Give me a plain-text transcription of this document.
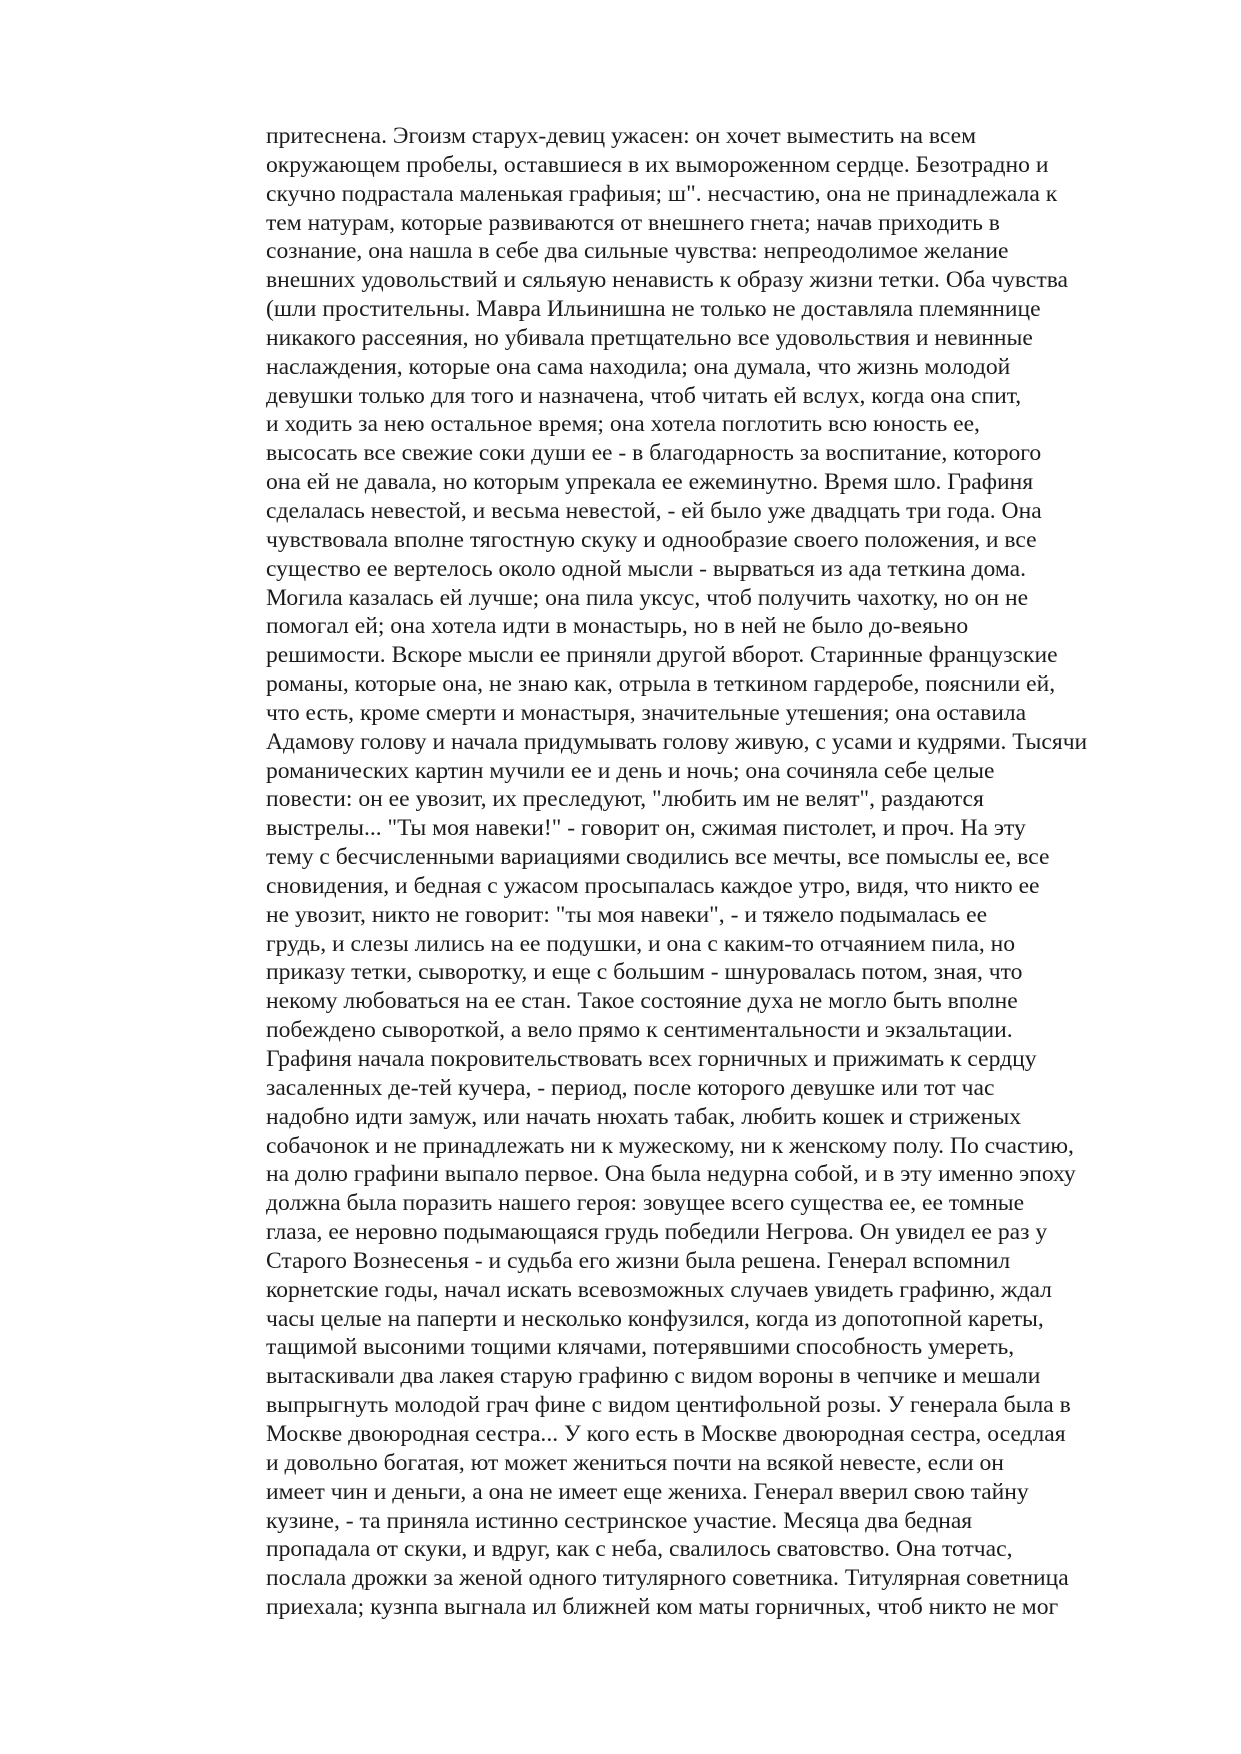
притеснена. Эгоизм старух-девиц ужасен: он хочет выместить на всем
окружающем пробелы, оставшиеся в их вымороженном сердце. Безотрадно и
скучно подрастала маленькая графиыя; ш". несчастию, она не принадлежала к
тем натурам, которые развиваются от внешнего гнета; начав приходить в
сознание, она нашла в себе два сильные чувства: непреодолимое желание
внешних удовольствий и сяльяую ненависть к образу жизни тетки. Оба чувства
(шли простительны. Мавра Ильинишна не только не доставляла племяннице
никакого рассеяния, но убивала претщательно все удовольствия и невинные
наслаждения, которые она сама находила; она думала, что жизнь молодой
девушки только для того и назначена, чтоб читать ей вслух, когда она спит,
и ходить за нею остальное время; она хотела поглотить всю юность ее,
высосать все свежие соки души ее - в благодарность за воспитание, которого
она ей не давала, но которым упрекала ее ежеминутно. Время шло. Графиня
сделалась невестой, и весьма невестой, - ей было уже двадцать три года. Она
чувствовала вполне тягостную скуку и однообразие своего положения, и все
существо ее вертелось около одной мысли - вырваться из ада теткина дома.
Могила казалась ей лучше; она пила уксус, чтоб получить чахотку, но он не
помогал ей; она хотела идти в монастырь, но в ней не было до-веяьно
решимости. Вскоре мысли ее приняли другой вборот. Старинные французские
романы, которые она, не знаю как, отрыла в теткином гардеробе, пояснили ей,
что есть, кроме смерти и монастыря, значительные утешения; она оставила
Адамову голову и начала придумывать голову живую, с усами и кудрями. Тысячи
романических картин мучили ее и день и ночь; она сочиняла себе целые
повести: он ее увозит, их преследуют, "любить им не велят", раздаются
выстрелы... "Ты моя навеки!" - говорит он, сжимая пистолет, и проч. На эту
тему с бесчисленными вариациями сводились все мечты, все помыслы ее, все
сновидения, и бедная с ужасом просыпалась каждое утро, видя, что никто ее
не увозит, никто не говорит: "ты моя навеки", - и тяжело подымалась ее
грудь, и слезы лились на ее подушки, и она с каким-то отчаянием пила, но
приказу тетки, сыворотку, и еще с большим - шнуровалась потом, зная, что
некому любоваться на ее стан. Такое состояние духа не могло быть вполне
побеждено сывороткой, а вело прямо к сентиментальности и экзальтации.
Графиня начала покровительствовать всех горничных и прижимать к сердцу
засаленных де-тей кучера, - период, после которого девушке или тот час
надобно идти замуж, или начать нюхать табак, любить кошек и стриженых
собачонок и не принадлежать ни к мужескому, ни к женскому полу. По счастию,
на долю графини выпало первое. Она была недурна собой, и в эту именно эпоху
должна была поразить нашего героя: зовущее всего существа ее, ее томные
глаза, ее неровно подымающаяся грудь победили Негрова. Он увидел ее раз у
Старого Вознесенья - и судьба его жизни была решена. Генерал вспомнил
корнетские годы, начал искать всевозможных случаев увидеть графиню, ждал
часы целые на паперти и несколько конфузился, когда из допотопной кареты,
тащимой высоними тощими клячами, потерявшими способность умереть,
вытаскивали два лакея старую графиню с видом вороны в чепчике и мешали
выпрыгнуть молодой грач фине с видом центифольной розы. У генерала была в
Москве двоюродная сестра... У кого есть в Москве двоюродная сестра, оседлая
и довольно богатая, ют может жениться почти на всякой невесте, если он
имеет чин и деньги, а она не имеет еще жениха. Генерал вверил свою тайну
кузине, - та приняла истинно сестринское участие. Месяца два бедная
пропадала от скуки, и вдруг, как с неба, свалилось сватовство. Она тотчас,
послала дрожки за женой одного титулярного советника. Титулярная советница
приехала; кузнпа выгнала ил ближней ком маты горничных, чтоб никто не мог
